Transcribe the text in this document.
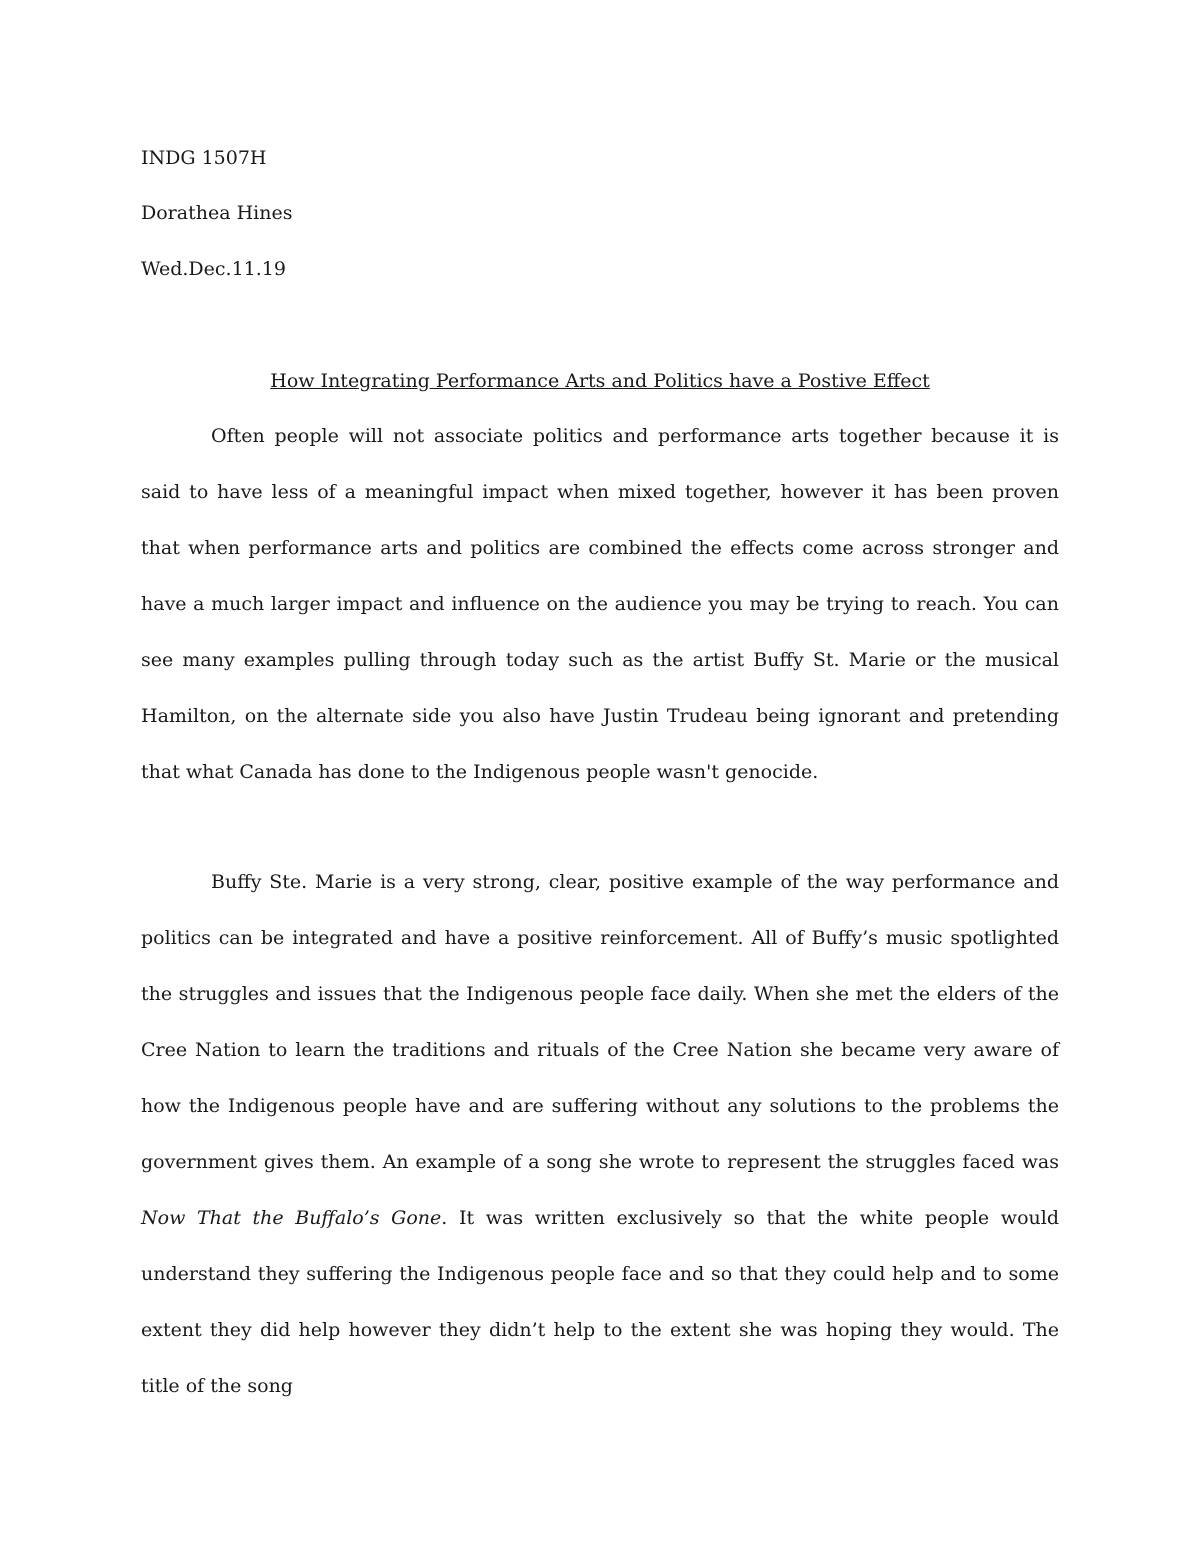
INDG 1507H
Dorathea Hines
Wed.Dec.11.19
How Integrating Performance Arts and Politics have a Postive Effect

Often people will not associate politics and performance arts together because it is said to have less of a meaningful impact when mixed together, however it has been proven that when performance arts and politics are combined the effects come across stronger and have a much larger impact and influence on the audience you may be trying to reach. You can see many examples pulling through today such as the artist Buffy St. Marie or the musical Hamilton, on the alternate side you also have Justin Trudeau being ignorant and pretending that what Canada has done to the Indigenous people wasn't genocide.

Buffy Ste. Marie is a very strong, clear, positive example of the way performance and politics can be integrated and have a positive reinforcement. All of Buffy’s music spotlighted the struggles and issues that the Indigenous people face daily. When she met the elders of the Cree Nation to learn the traditions and rituals of the Cree Nation she became very aware of how the Indigenous people have and are suffering without any solutions to the problems the government gives them. An example of a song she wrote to represent the struggles faced was Now That the Buffalo’s Gone. It was written exclusively so that the white people would understand they suffering the Indigenous people face and so that they could help and to some extent they did help however they didn’t help to the extent she was hoping they would. The title of the song
